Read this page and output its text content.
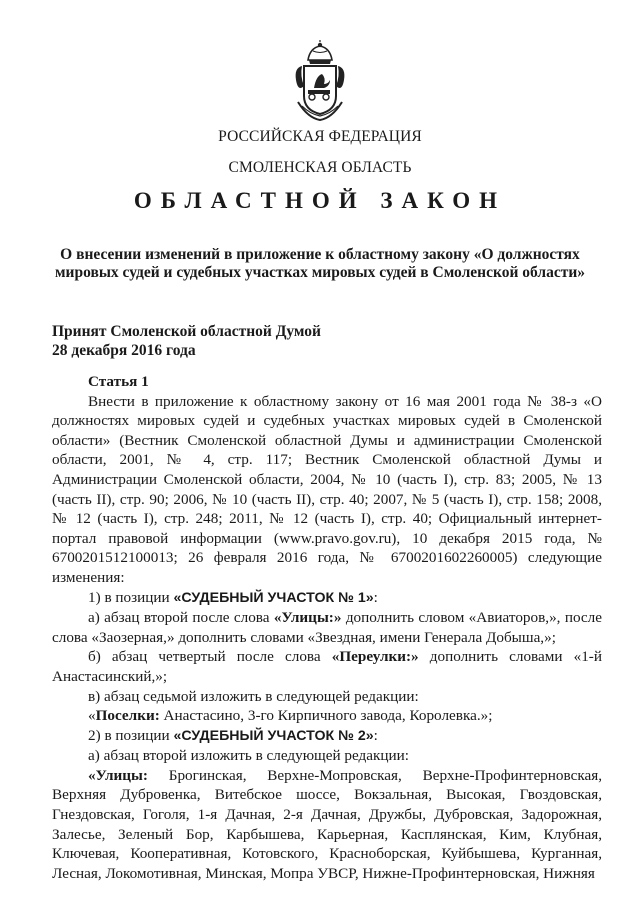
РОССИЙСКАЯ ФЕДЕРАЦИЯ
СМОЛЕНСКАЯ ОБЛАСТЬ
ОБЛАСТНОЙ ЗАКОН
О внесении изменений в приложение к областному закону «О должностях
мировых судей и судебных участках мировых судей в Смоленской области»
Принят Смоленской областной Думой
28 декабря 2016 года

Статья 1

Внести в приложение к областному закону от 16 мая 2001 года № 38-з «О должностях мировых судей и судебных участках мировых судей в Смоленской области» (Вестник Смоленской областной Думы и администрации Смоленской области, 2001, № 4, стр. 117; Вестник Смоленской областной Думы и Администрации Смоленской области, 2004, № 10 (часть I), стр. 83; 2005, № 13 (часть II), стр. 90; 2006, № 10 (часть II), стр. 40; 2007, № 5 (часть I), стр. 158; 2008, № 12 (часть I), стр. 248; 2011, № 12 (часть I), стр. 40; Официальный интернет-портал правовой информации (www.pravo.gov.ru), 10 декабря 2015 года, № 6700201512100013; 26 февраля 2016 года, № 6700201602260005) следующие изменения:

1) в позиции «СУДЕБНЫЙ УЧАСТОК № 1»:

а) абзац второй после слова «Улицы:» дополнить словом «Авиаторов,», после слова «Заозерная,» дополнить словами «Звездная, имени Генерала Добыша,»;

б) абзац четвертый после слова «Переулки:» дополнить словами «1-й Анастасинский,»;

в) абзац седьмой изложить в следующей редакции:

«Поселки: Анастасино, 3-го Кирпичного завода, Королевка.»;

2) в позиции «СУДЕБНЫЙ УЧАСТОК № 2»:

а) абзац второй изложить в следующей редакции:

«Улицы: Брогинская, Верхне-Мопровская, Верхне-Профинтерновская, Верхняя Дубровенка, Витебское шоссе, Вокзальная, Высокая, Гвоздовская, Гнездовская, Гоголя, 1-я Дачная, 2-я Дачная, Дружбы, Дубровская, Задорожная, Залесье, Зеленый Бор, Карбышева, Карьерная, Касплянская, Ким, Клубная, Ключевая, Кооперативная, Котовского, Красноборская, Куйбышева, Курганная, Лесная, Локомотивная, Минская, Мопра УВСР, Нижне-Профинтерновская, Нижняя
